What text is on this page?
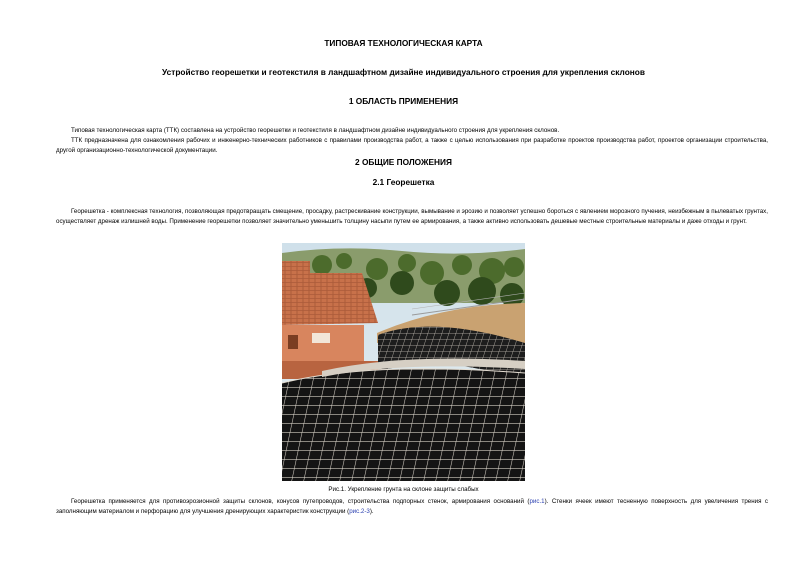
ТИПОВАЯ ТЕХНОЛОГИЧЕСКАЯ КАРТА
Устройство георешетки и геотекстиля в ландшафтном дизайне индивидуального строения для укрепления склонов
1 ОБЛАСТЬ ПРИМЕНЕНИЯ
Типовая технологическая карта (ТТК) составлена на устройство георешетки и геотекстиля в ландшафтном дизайне индивидуального строения для укрепления склонов.
ТТК предназначена для ознакомления рабочих и инженерно-технических работников с правилами производства работ, а также с целью использования при разработке проектов производства работ, проектов организации строительства, другой организационно-технологической документации.
2 ОБЩИЕ ПОЛОЖЕНИЯ
2.1 Георешетка
Георешетка - комплексная технология, позволяющая предотвращать смещение, просадку, растрескивание конструкции, вымывание и эрозию и позволяет успешно бороться с явлением морозного пучения, неизбежным в пылеватых грунтах, осуществляет дренаж излишней воды. Применение георешетки позволяет значительно уменьшить толщину насыпи путем ее армирования, а также активно использовать дешевые местные строительные материалы и даже отходы и грунт.
Рис.1. Укрепление грунта на склоне защиты слабых
Георешетка применяется для противоэрозионной защиты склонов, конусов путепроводов, строительства подпорных стенок, армирования оснований (рис.1). Стенки ячеек имеют тесненную поверхность для увеличения трения с заполняющим материалом и перфорацию для улучшения дренирующих характеристик конструкции (рис.2-3).
